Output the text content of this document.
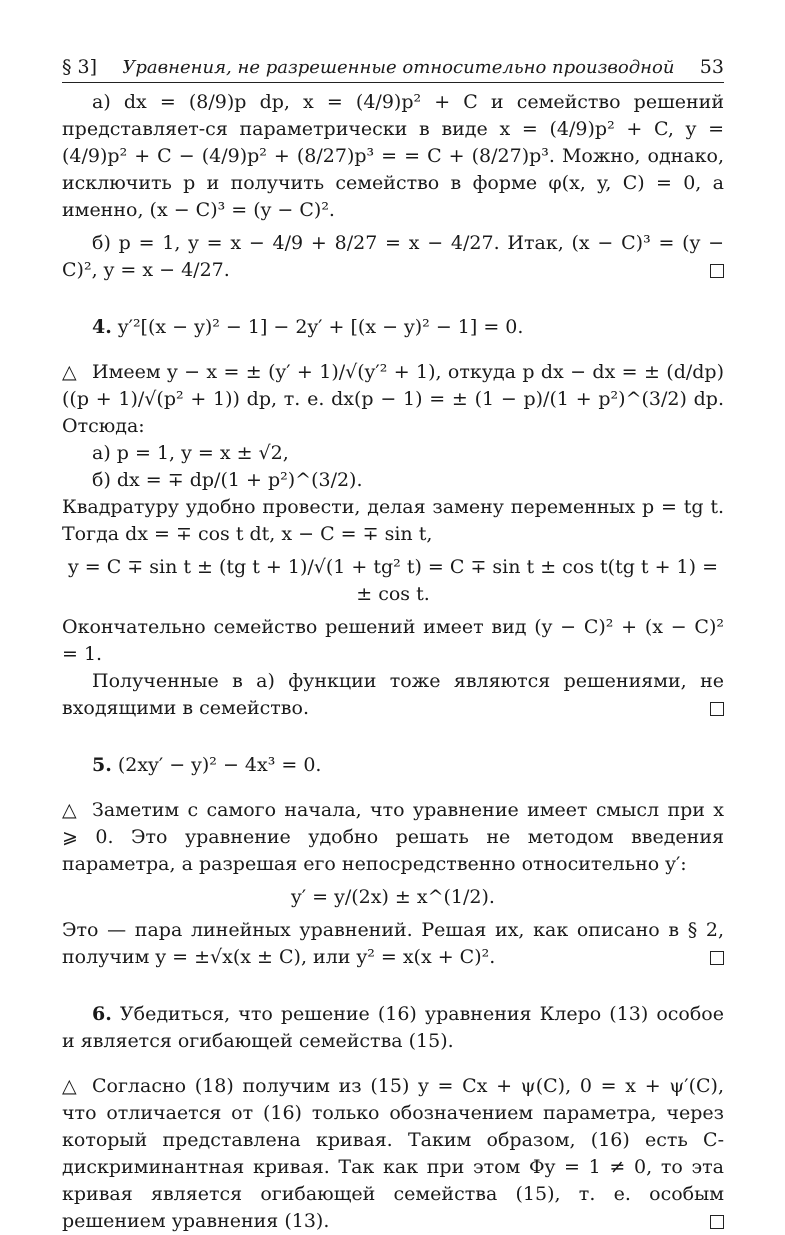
§ 3] Уравнения, не разрешенные относительно производной 53

а) dx = (8/9)p dp, x = (4/9)p² + C и семейство решений представляет-ся параметрически в виде x = (4/9)p² + C, y = (4/9)p² + C − (4/9)p² + (8/27)p³ = = C + (8/27)p³. Можно, однако, исключить p и получить семейство в форме φ(x, y, C) = 0, а именно, (x − C)³ = (y − C)².

б) p = 1, y = x − 4/9 + 8/27 = x − 4/27. Итак, (x − C)³ = (y − C)², y = x − 4/27.

4. y′²[(x − y)² − 1] − 2y′ + [(x − y)² − 1] = 0.

△ Имеем y − x = ± (y′ + 1)/√(y′² + 1), откуда p dx − dx = ± (d/dp)((p + 1)/√(p² + 1)) dp, т. е. dx(p − 1) = ± (1 − p)/(1 + p²)^(3/2) dp. Отсюда:

а) p = 1, y = x ± √2,

б) dx = ∓ dp/(1 + p²)^(3/2).

Квадратуру удобно провести, делая замену переменных p = tg t. Тогда dx = ∓ cos t dt, x − C = ∓ sin t,

y = C ∓ sin t ± (tg t + 1)/√(1 + tg² t) = C ∓ sin t ± cos t(tg t + 1) = ± cos t.

Окончательно семейство решений имеет вид (y − C)² + (x − C)² = 1.

Полученные в а) функции тоже являются решениями, не входящими в семейство.

5. (2xy′ − y)² − 4x³ = 0.

△ Заметим с самого начала, что уравнение имеет смысл при x ⩾ 0. Это уравнение удобно решать не методом введения параметра, а разрешая его непосредственно относительно y′:

y′ = y/(2x) ± x^(1/2).

Это — пара линейных уравнений. Решая их, как описано в § 2, получим y = ±√x(x ± C), или y² = x(x + C)².

6. Убедиться, что решение (16) уравнения Клеро (13) особое и является огибающей семейства (15).

△ Согласно (18) получим из (15) y = Cx + ψ(C), 0 = x + ψ′(C), что отличается от (16) только обозначением параметра, через который представлена кривая. Таким образом, (16) есть C-дискриминантная кривая. Так как при этом Φy = 1 ≠ 0, то эта кривая является огибающей семейства (15), т. е. особым решением уравнения (13).
